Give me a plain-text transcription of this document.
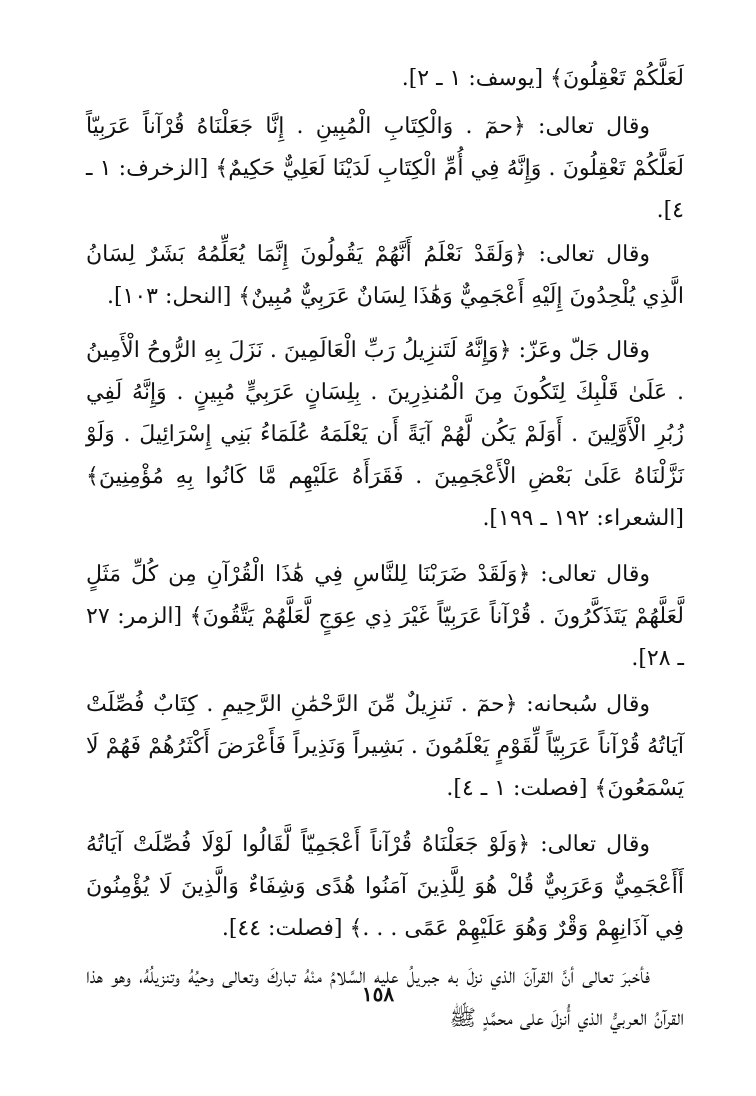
لَعَلَّكُمْ تَعْقِلُونَ﴾ [يوسف: ١ ـ ٢].

وقال تعالى: ﴿حمٓ . وَالْكِتَابِ الْمُبِينِ . إِنَّا جَعَلْنَاهُ قُرْآناً عَرَبِيّاً لَعَلَّكُمْ تَعْقِلُونَ . وَإِنَّهُ فِي أُمِّ الْكِتَابِ لَدَيْنَا لَعَلِيٌّ حَكِيمٌ﴾ [الزخرف: ١ ـ ٤].

وقال تعالى: ﴿وَلَقَدْ نَعْلَمُ أَنَّهُمْ يَقُولُونَ إِنَّمَا يُعَلِّمُهُ بَشَرٌ لِسَانُ الَّذِي يُلْحِدُونَ إِلَيْهِ أَعْجَمِيٌّ وَهَٰذَا لِسَانٌ عَرَبِيٌّ مُبِينٌ﴾ [النحل: ١٠٣].

وقال جَلّ وعَزّ: ﴿وَإِنَّهُ لَتَنزِيلُ رَبِّ الْعَالَمِينَ . نَزَلَ بِهِ الرُّوحُ الْأَمِينُ . عَلَىٰ قَلْبِكَ لِتَكُونَ مِنَ الْمُنذِرِينَ . بِلِسَانٍ عَرَبِيٍّ مُبِينٍ . وَإِنَّهُ لَفِي زُبُرِ الْأَوَّلِينَ . أَوَلَمْ يَكُن لَّهُمْ آيَةً أَن يَعْلَمَهُ عُلَمَاءُ بَنِي إِسْرَائِيلَ . وَلَوْ نَزَّلْنَاهُ عَلَىٰ بَعْضِ الْأَعْجَمِينَ . فَقَرَأَهُ عَلَيْهِم مَّا كَانُوا بِهِ مُؤْمِنِينَ﴾ [الشعراء: ١٩٢ ـ ١٩٩].

وقال تعالى: ﴿وَلَقَدْ ضَرَبْنَا لِلنَّاسِ فِي هَٰذَا الْقُرْآنِ مِن كُلِّ مَثَلٍ لَّعَلَّهُمْ يَتَذَكَّرُونَ . قُرْآناً عَرَبِيّاً غَيْرَ ذِي عِوَجٍ لَّعَلَّهُمْ يَتَّقُونَ﴾ [الزمر: ٢٧ ـ ٢٨].

وقال سُبحانه: ﴿حمٓ . تَنزِيلٌ مِّنَ الرَّحْمَٰنِ الرَّحِيمِ . كِتَابٌ فُصِّلَتْ آيَاتُهُ قُرْآناً عَرَبِيّاً لِّقَوْمٍ يَعْلَمُونَ . بَشِيراً وَنَذِيراً فَأَعْرَضَ أَكْثَرُهُمْ فَهُمْ لَا يَسْمَعُونَ﴾ [فصلت: ١ ـ ٤].

وقال تعالى: ﴿وَلَوْ جَعَلْنَاهُ قُرْآناً أَعْجَمِيّاً لَّقَالُوا لَوْلَا فُصِّلَتْ آيَاتُهُ أَأَعْجَمِيٌّ وَعَرَبِيٌّ قُلْ هُوَ لِلَّذِينَ آمَنُوا هُدًى وَشِفَاءٌ وَالَّذِينَ لَا يُؤْمِنُونَ فِي آذَانِهِمْ وَقْرٌ وَهُوَ عَلَيْهِمْ عَمًى . . .﴾ [فصلت: ٤٤].

فأخبرَ تعالى أنَّ القرآنَ الذي نزلَ به جبريلُ عليه السَّلامُ منْهُ تباركَ وتعالى وحيُهُ وتنزيلُهُ، وهو هذا القرآنُ العربيُّ الذي أُنزلَ على محمَّدٍ ﷺ

١٥٨
